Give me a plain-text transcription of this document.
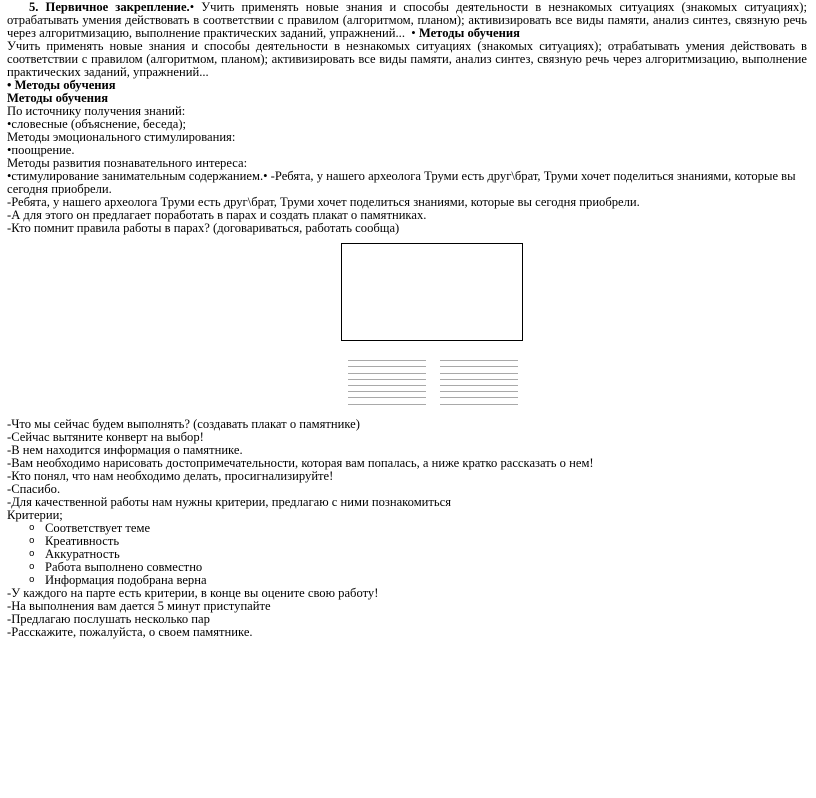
5. Первичное закрепление.• Учить применять новые знания и способы деятельности в незнакомых ситуациях (знакомых ситуациях); отрабатывать умения действовать в соответствии с правилом (алгоритмом, планом); активизировать все виды памяти, анализ синтез, связную речь через алгоритмизацию, выполнение практических заданий, упражнений... • Методы обучения

Учить применять новые знания и способы деятельности в незнакомых ситуациях (знакомых ситуациях); отрабатывать умения действовать в соответствии с правилом (алгоритмом, планом); активизировать все виды памяти, анализ синтез, связную речь через алгоритмизацию, выполнение практических заданий, упражнений...

• Методы обучения

Методы обучения

По источнику получения знаний:

•словесные (объяснение, беседа);

Методы эмоционального стимулирования:

•поощрение.

Методы развития познавательного интереса:

•стимулирование занимательным содержанием.• -Ребята, у нашего археолога Труми есть друг\брат, Труми хочет поделиться знаниями, которые вы сегодня приобрели.

-Ребята, у нашего археолога Труми есть друг\брат, Труми хочет поделиться знаниями, которые вы сегодня приобрели.

-А для этого он предлагает поработать в парах и создать плакат о памятниках.

-Кто помнит правила работы в парах? (договариваться, работать сообща)

-Что мы сейчас будем выполнять? (создавать плакат о памятнике)

-Сейчас вытяните конверт на выбор!

-В нем находится информация о памятнике.

-Вам необходимо нарисовать достопримечательности, которая вам попалась, а ниже кратко рассказать о нем!

-Кто понял, что нам необходимо делать, просигнализируйте!

-Спасибо.

-Для качественной работы нам нужны критерии, предлагаю с ними познакомиться

Критерии;

o Соответствует теме
o Креативность
o Аккуратность
o Работа выполнено совместно
o Информация подобрана верна

-У каждого на парте есть критерии, в конце вы оцените свою работу!

-На выполнения вам дается 5 минут приступайте

-Предлагаю послушать несколько пар

-Расскажите, пожалуйста, о своем памятнике.
